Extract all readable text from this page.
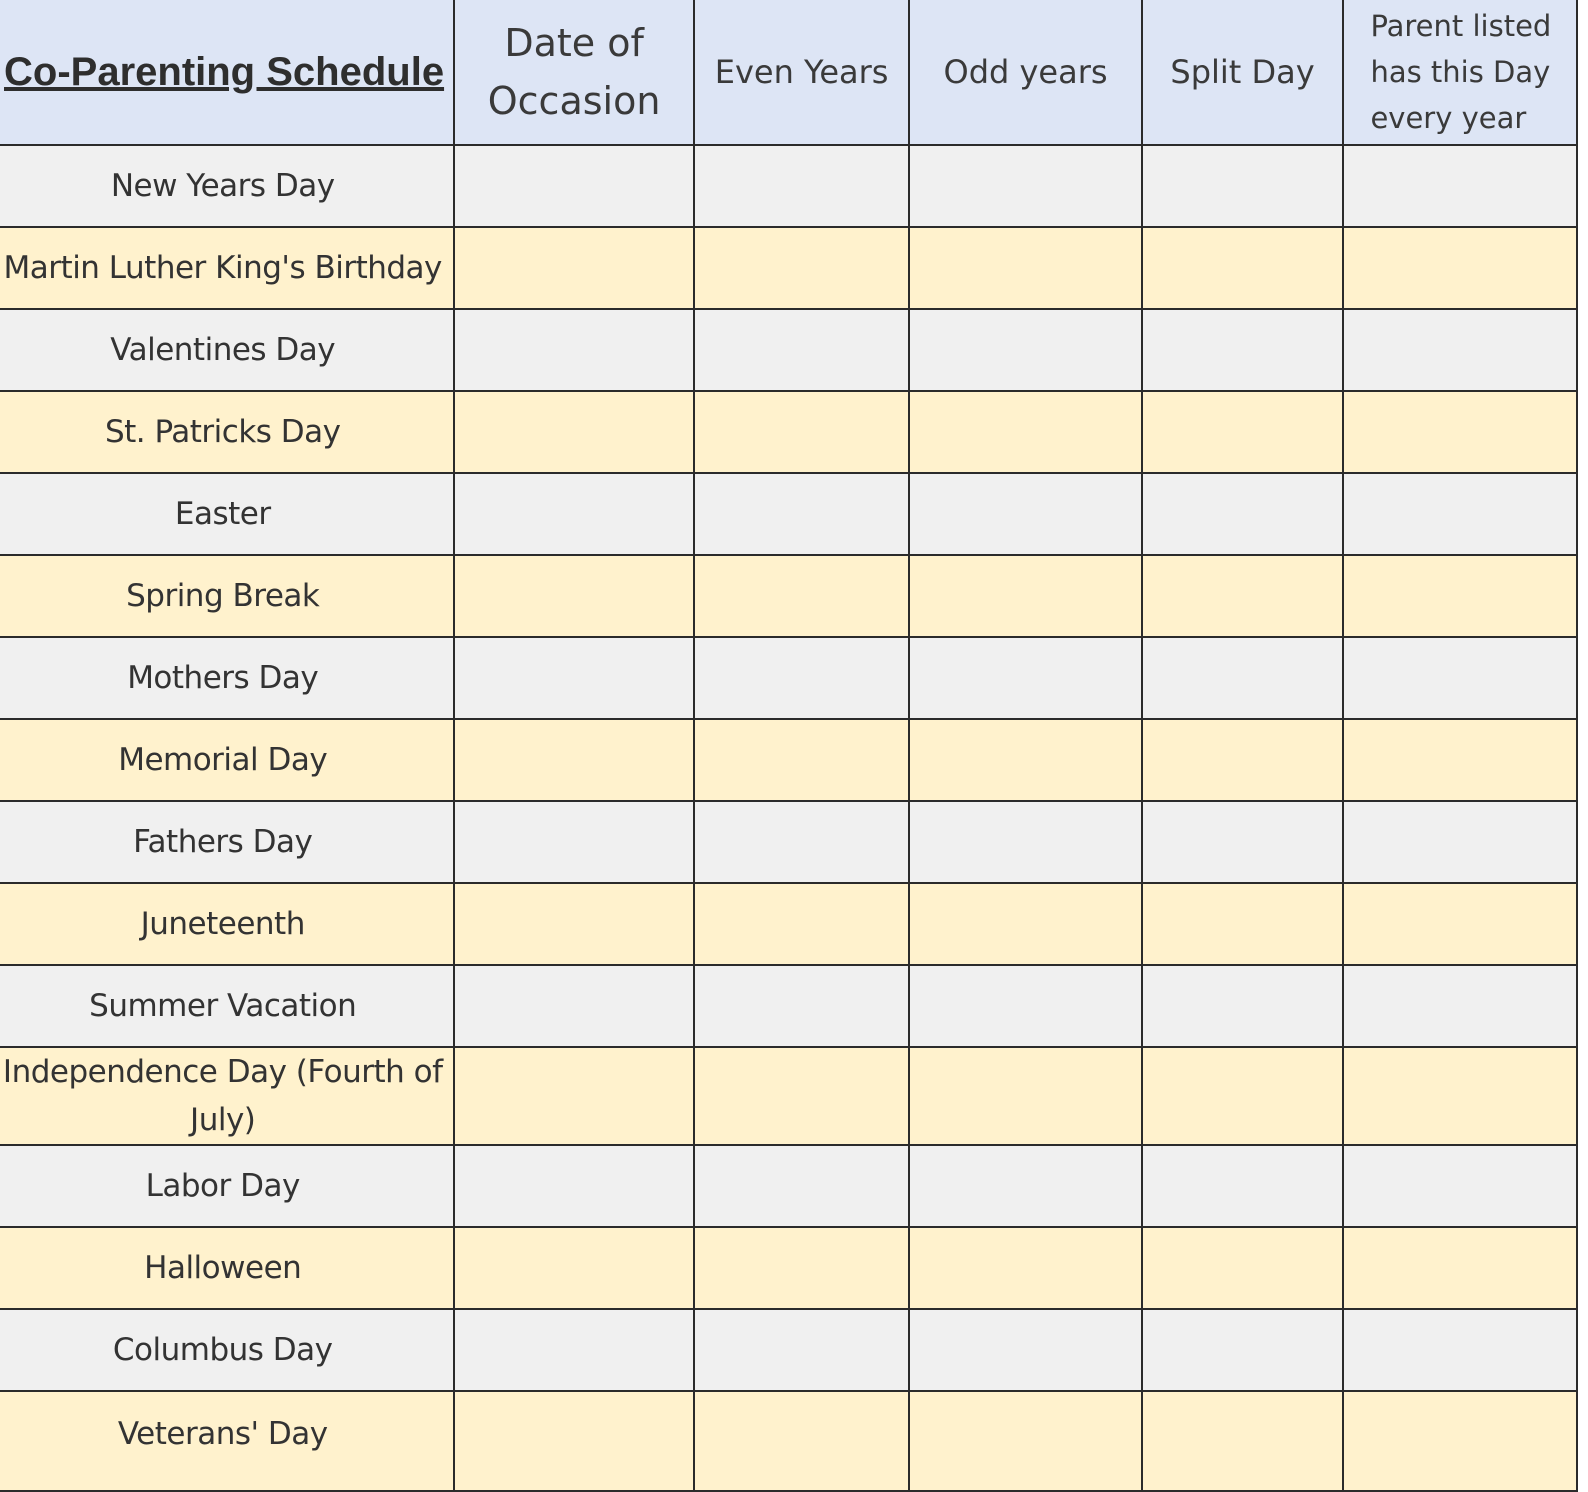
Co-Parenting Schedule	Date of Occasion	Even Years	Odd years	Split Day	Parent listed has this Day every year
New Years Day					
Martin Luther King's Birthday					
Valentines Day					
St. Patricks Day					
Easter					
Spring Break					
Mothers Day					
Memorial Day					
Fathers Day					
Juneteenth					
Summer Vacation					
Independence Day (Fourth of July)					
Labor Day					
Halloween					
Columbus Day					
Veterans' Day					
